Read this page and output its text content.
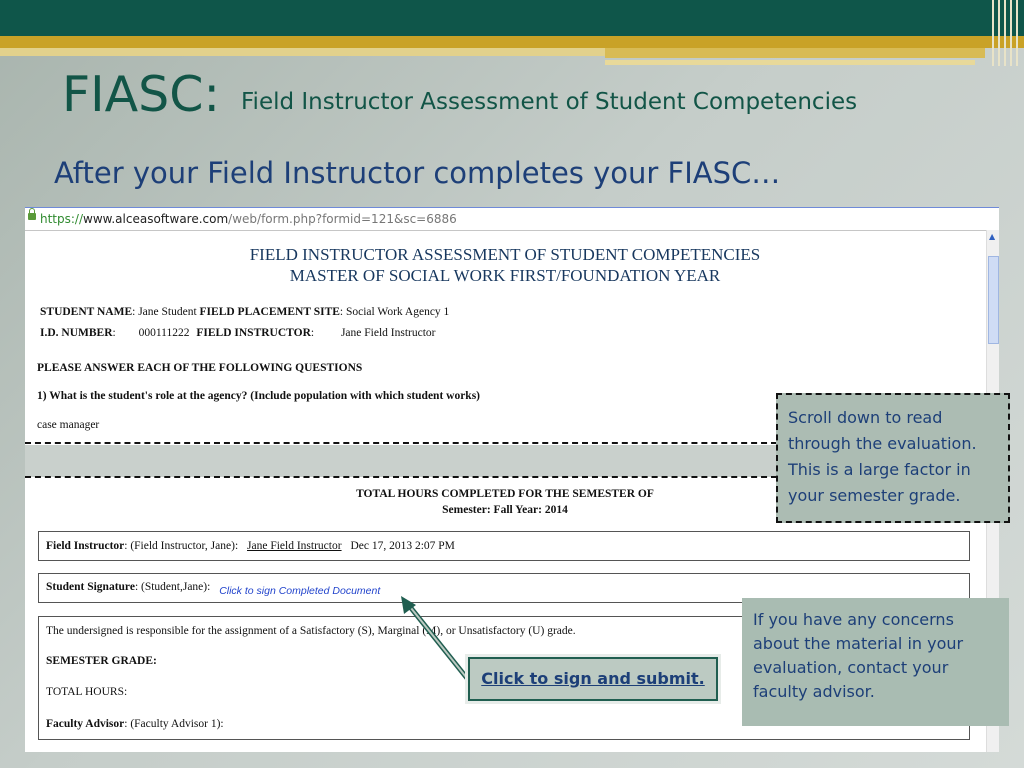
FIASC: Field Instructor Assessment of Student Competencies
After your Field Instructor completes your FIASC…
https://www.alceasoftware.com/web/form.php?formid=121&sc=6886
▲
FIELD INSTRUCTOR ASSESSMENT OF STUDENT COMPETENCIES
MASTER OF SOCIAL WORK FIRST/FOUNDATION YEAR
STUDENT NAME: Jane Student FIELD PLACEMENT SITE: Social Work Agency 1
I.D. NUMBER: 000111222 FIELD INSTRUCTOR: Jane Field Instructor
PLEASE ANSWER EACH OF THE FOLLOWING QUESTIONS
1) What is the student's role at the agency? (Include population with which student works)
case manager
TOTAL HOURS COMPLETED FOR THE SEMESTER OF
Semester: Fall Year: 2014
Field Instructor: (Field Instructor, Jane): Jane Field Instructor Dec 17, 2013 2:07 PM
Student Signature: (Student,Jane): Click to sign Completed Document
The undersigned is responsible for the assignment of a Satisfactory (S), Marginal (M), or Unsatisfactory (U) grade.
SEMESTER GRADE:
TOTAL HOURS:
Faculty Advisor: (Faculty Advisor 1):
Scroll down to read through the evaluation. This is a large factor in your semester grade.
If you have any concerns about the material in your evaluation, contact your faculty advisor.
Click to sign and submit.
